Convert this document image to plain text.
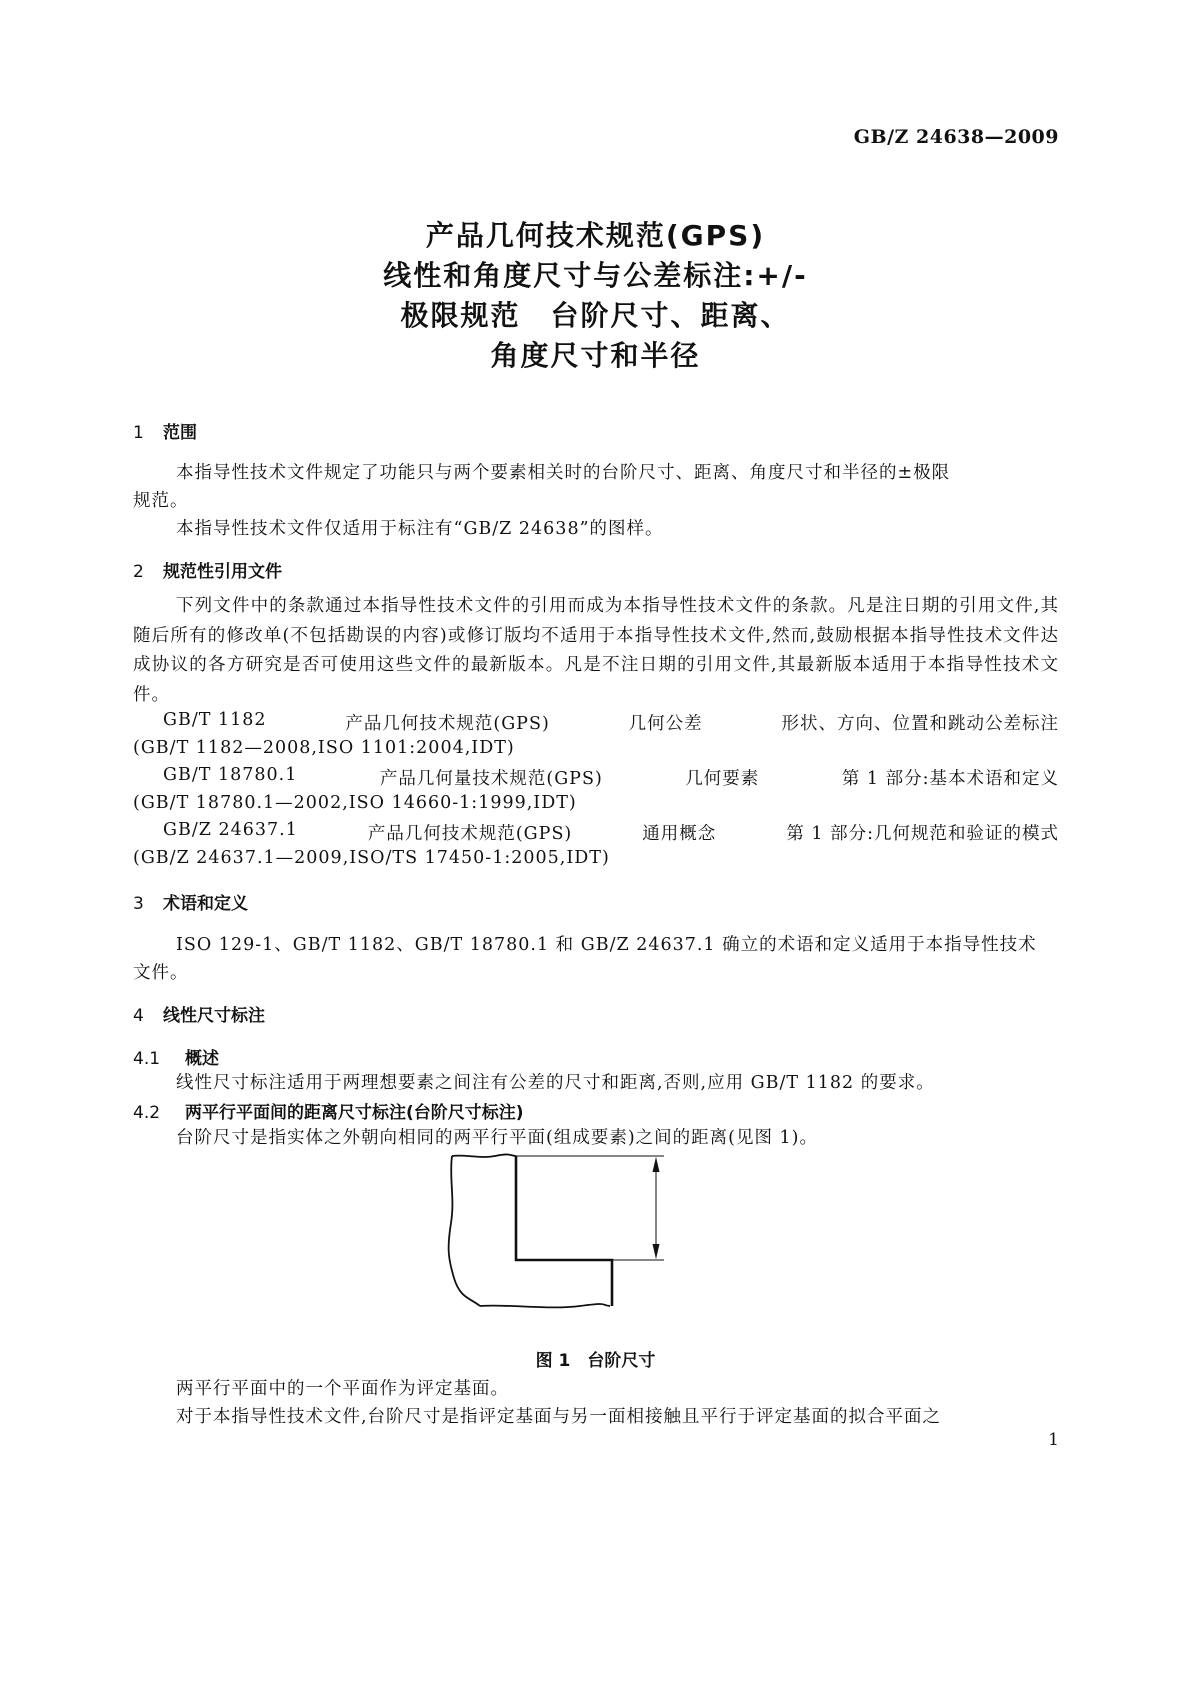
GB/Z 24638—2009
产品几何技术规范(GPS)
线性和角度尺寸与公差标注:+/-
极限规范　台阶尺寸、距离、
角度尺寸和半径
1 范围
本指导性技术文件规定了功能只与两个要素相关时的台阶尺寸、距离、角度尺寸和半径的±极限
规范。
本指导性技术文件仅适用于标注有“GB/Z 24638”的图样。
2 规范性引用文件
下列文件中的条款通过本指导性技术文件的引用而成为本指导性技术文件的条款。凡是注日期的引用文件,其随后所有的修改单(不包括勘误的内容)或修订版均不适用于本指导性技术文件,然而,鼓励根据本指导性技术文件达成协议的各方研究是否可使用这些文件的最新版本。凡是不注日期的引用文件,其最新版本适用于本指导性技术文件。
GB/T 1182	产品几何技术规范(GPS)	几何公差	形状、方向、位置和跳动公差标注
(GB/T 1182—2008,ISO 1101:2004,IDT)
GB/T 18780.1	产品几何量技术规范(GPS)	几何要素	第 1 部分:基本术语和定义
(GB/T 18780.1—2002,ISO 14660-1:1999,IDT)
GB/Z 24637.1	产品几何技术规范(GPS)	通用概念	第 1 部分:几何规范和验证的模式
(GB/Z 24637.1—2009,ISO/TS 17450-1:2005,IDT)
3 术语和定义
ISO 129-1、GB/T 1182、GB/T 18780.1 和 GB/Z 24637.1 确立的术语和定义适用于本指导性技术
文件。
4 线性尺寸标注
4.1 概述
线性尺寸标注适用于两理想要素之间注有公差的尺寸和距离,否则,应用 GB/T 1182 的要求。
4.2 两平行平面间的距离尺寸标注(台阶尺寸标注)
台阶尺寸是指实体之外朝向相同的两平行平面(组成要素)之间的距离(见图 1)。
图 1　台阶尺寸
两平行平面中的一个平面作为评定基面。
对于本指导性技术文件,台阶尺寸是指评定基面与另一面相接触且平行于评定基面的拟合平面之
1
